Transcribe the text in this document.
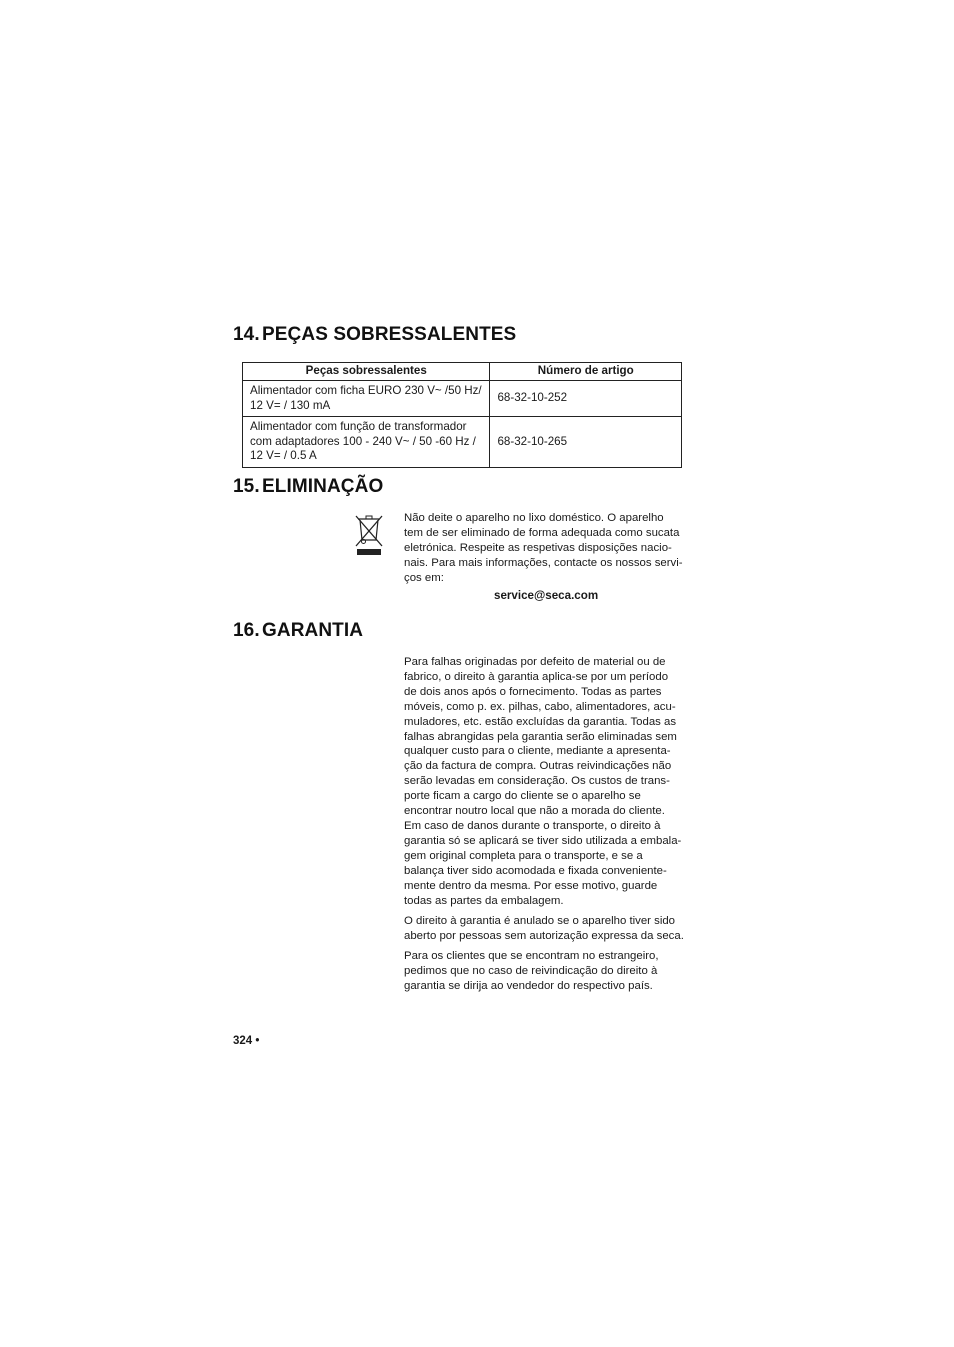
14. PEÇAS SOBRESSALENTES
Peças sobressalentes	Número de artigo

Alimentador com ficha EURO 230 V~ /50 Hz/
12 V= / 130 mA	68-32-10-252

Alimentador com função de transformador
com adaptadores 100 - 240 V~ / 50 -60 Hz /
12 V= / 0.5 A	68-32-10-265
15. ELIMINAÇÃO
Não deite o aparelho no lixo doméstico. O aparelho
tem de ser eliminado de forma adequada como sucata
eletrónica. Respeite as respetivas disposições nacio-
nais. Para mais informações, contacte os nossos servi-
ços em:
service@seca.com
16. GARANTIA
Para falhas originadas por defeito de material ou de
fabrico, o direito à garantia aplica-se por um período
de dois anos após o fornecimento. Todas as partes
móveis, como p. ex. pilhas, cabo, alimentadores, acu-
muladores, etc. estão excluídas da garantia. Todas as
falhas abrangidas pela garantia serão eliminadas sem
qualquer custo para o cliente, mediante a apresenta-
ção da factura de compra. Outras reivindicações não
serão levadas em consideração. Os custos de trans-
porte ficam a cargo do cliente se o aparelho se
encontrar noutro local que não a morada do cliente.
Em caso de danos durante o transporte, o direito à
garantia só se aplicará se tiver sido utilizada a embala-
gem original completa para o transporte, e se a
balança tiver sido acomodada e fixada conveniente-
mente dentro da mesma. Por esse motivo, guarde
todas as partes da embalagem.
O direito à garantia é anulado se o aparelho tiver sido
aberto por pessoas sem autorização expressa da seca.
Para os clientes que se encontram no estrangeiro,
pedimos que no caso de reivindicação do direito à
garantia se dirija ao vendedor do respectivo país.
324 •
